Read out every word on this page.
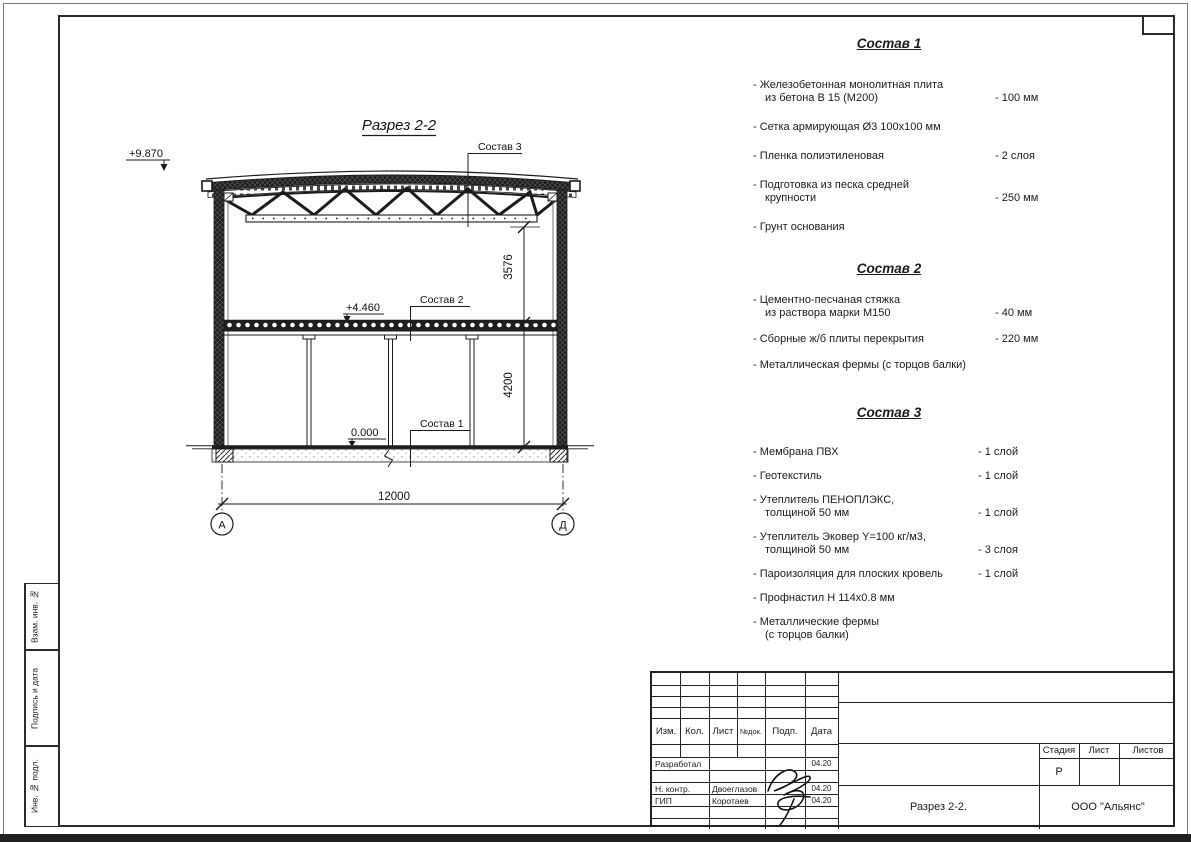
Разрез 2-2
Состав 3
Состав 2
Состав 1
+9.870
+4.460
0.000
3576
4200
12000
А	Д
Состав 1
- Железобетонная монолитная плита
из бетона В 15 (М200)	- 100 мм
- Сетка армирующая Ø3 100х100 мм
- Пленка полиэтиленовая	- 2 слоя
- Подготовка из песка средней
крупности	- 250 мм
- Грунт основания
Состав 2
- Цементно-песчаная стяжка
из раствора марки М150	- 40 мм
- Сборные ж/б плиты перекрытия	- 220 мм
- Металлическая фермы (с торцов балки)
Состав 3
- Мембрана ПВХ	- 1 слой
- Геотекстиль	- 1 слой
- Утеплитель ПЕНОПЛЭКС,
толщиной 50 мм	- 1 слой
- Утеплитель Эковер Y=100 кг/м3,
толщиной 50 мм	- 3 слоя
- Пароизоляция для плоских кровель	- 1 слой
- Профнастил Н 114х0.8 мм
- Металлические фермы
(с торцов балки)
Взам. инв. №
Подпись и дата
Инв. № подл.
Изм. Кол. Лист №док.	Подп.	Дата
Разработал	04.20
Н. контр.	Двоеглазов	04.20
ГИП	Коротаев	04.20
Стадия	Лист	Листов
Р
Разрез 2-2.	ООО "Альянс"
